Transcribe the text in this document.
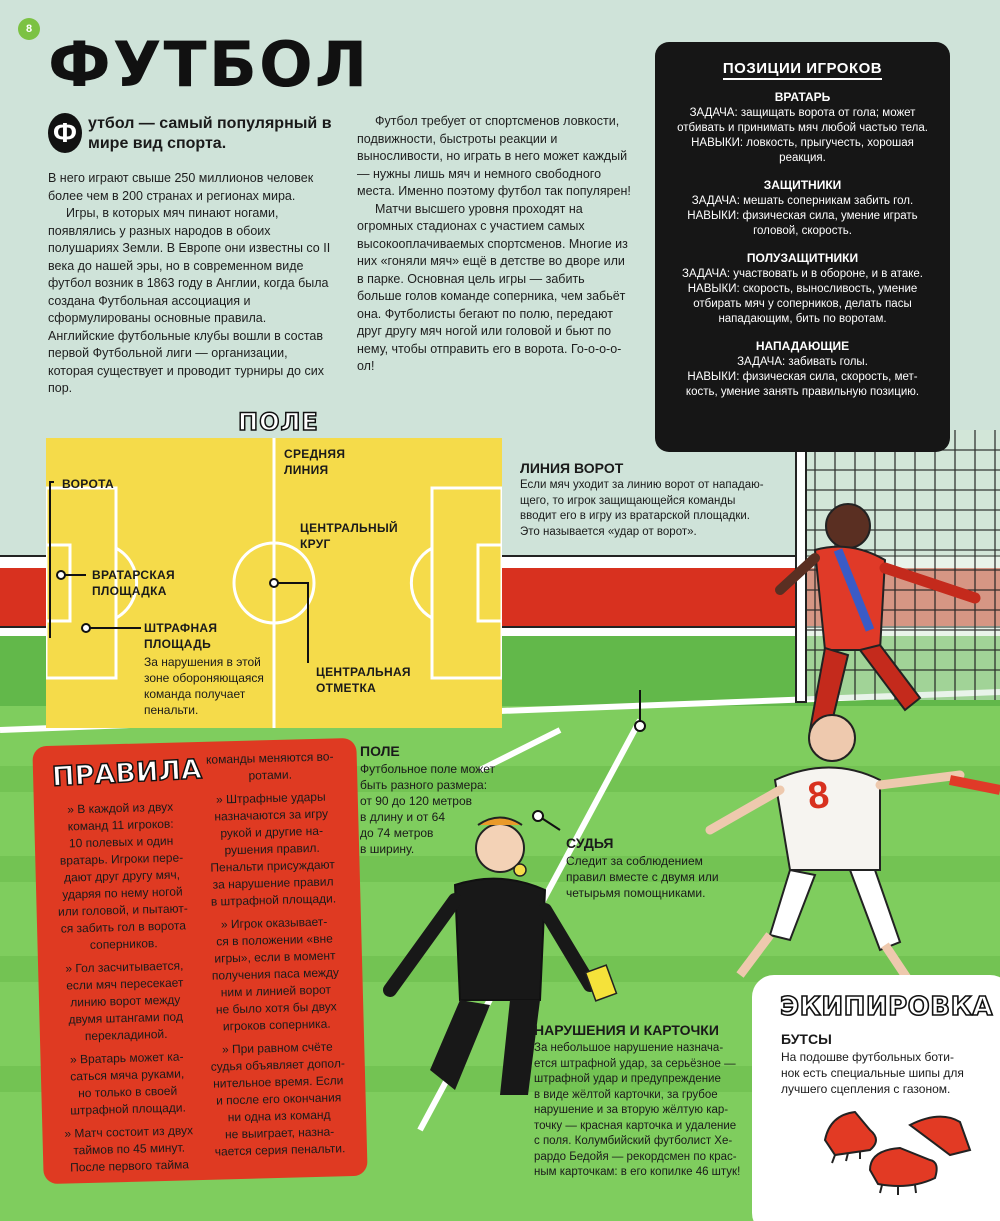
8 ФУТБОЛ
Ф утбол — самый популярный в мире вид спорта.

В него играют свыше 250 миллионов человек более чем в 200 странах и регионах мира.

Игры, в которых мяч пинают ногами, появлялись у разных народов в обоих полушариях Земли. В Европе они известны со II века до нашей эры, но в современном виде футбол возник в 1863 году в Англии, когда была создана Футбольная ассоциация и сформулированы основные правила. Английские футбольные клубы вошли в состав первой Футбольной лиги — организации, которая существует и проводит турниры до сих пор.

Футбол требует от спортсменов ловкости, подвижности, быстроты реакции и выносливости, но играть в него может каждый — нужны лишь мяч и немного свободного места. Именно поэтому футбол так популярен!

Матчи высшего уровня проходят на огромных стадионах с участием самых высокооплачиваемых спортсменов. Многие из них «гоняли мяч» ещё в детстве во дворе или в парке. Основная цель игры — забить больше голов команде соперника, чем забьёт она. Футболисты бегают по полю, передают друг другу мяч ногой или головой и бьют по нему, чтобы отправить его в ворота. Го-о-о-о-ол!

ПОЗИЦИИ ИГРОКОВ
ВРАТАРЬ
ЗАДАЧА: защищать ворота от гола; может
отбивать и принимать мяч любой частью тела.
НАВЫКИ: ловкость, прыгучесть, хорошая
реакция.
ЗАЩИТНИКИ
ЗАДАЧА: мешать соперникам забить гол.
НАВЫКИ: физическая сила, умение играть
головой, скорость.
ПОЛУЗАЩИТНИКИ
ЗАДАЧА: участвовать и в обороне, и в атаке.
НАВЫКИ: скорость, выносливость, умение
отбирать мяч у соперников, делать пасы
нападающим, бить по воротам.
НАПАДАЮЩИЕ
ЗАДАЧА: забивать голы.
НАВЫКИ: физическая сила, скорость, мет-
кость, умение занять правильную позицию.
ПОЛЕ
ВОРОТА
ВРАТАРСКАЯ
ПЛОЩАДКА
ШТРАФНАЯ
ПЛОЩАДЬ
За нарушения в этой
зоне обороняющаяся
команда получает
пенальти.
СРЕДНЯЯ
ЛИНИЯ
ЦЕНТРАЛЬНЫЙ
КРУГ
ЦЕНТРАЛЬНАЯ
ОТМЕТКА
ЛИНИЯ ВОРОТ
Если мяч уходит за линию ворот от нападаю-
щего, то игрок защищающейся команды
вводит его в игру из вратарской площадки.
Это называется «удар от ворот».
ПОЛЕ
Футбольное поле может
быть разного размера:
от 90 до 120 метров
в длину и от 64
до 74 метров
в ширину.	СУДЬЯ
Следит за соблюдением
правил вместе с двумя или
четырьмя помощниками.
8
НАРУШЕНИЯ И КАРТОЧКИ
За небольшое нарушение назнача-
ется штрафной удар, за серьёзное —
штрафной удар и предупреждение
в виде жёлтой карточки, за грубое
нарушение и за вторую жёлтую кар-
точку — красная карточка и удаление
с поля. Колумбийский футболист Хе-
рардо Бедойя — рекордсмен по крас-
ным карточкам: в его копилке 46 штук!
ПРАВИЛА

» В каждой из двух
команд 11 игроков:
10 полевых и один
вратарь. Игроки пере-
дают друг другу мяч,
ударяя по нему ногой
или головой, и пытают-
ся забить гол в ворота
соперников.

» Гол засчитывается,
если мяч пересекает
линию ворот между
двумя штангами под
перекладиной.

» Вратарь может ка-
саться мяча руками,
но только в своей
штрафной площади.

» Матч состоит из двух
таймов по 45 минут.
После первого тайма

команды меняются во-
ротами.

» Штрафные удары
назначаются за игру
рукой и другие на-
рушения правил.
Пенальти присуждают
за нарушение правил
в штрафной площади.

» Игрок оказывает-
ся в положении «вне
игры», если в момент
получения паса между
ним и линией ворот
не было хотя бы двух
игроков соперника.

» При равном счёте
судья объявляет допол-
нительное время. Если
и после его окончания
ни одна из команд
не выиграет, назна-
чается серия пенальти.

ЭКИПИРОВКА
БУТСЫ
На подошве футбольных боти-
нок есть специальные шипы для
лучшего сцепления с газоном.
